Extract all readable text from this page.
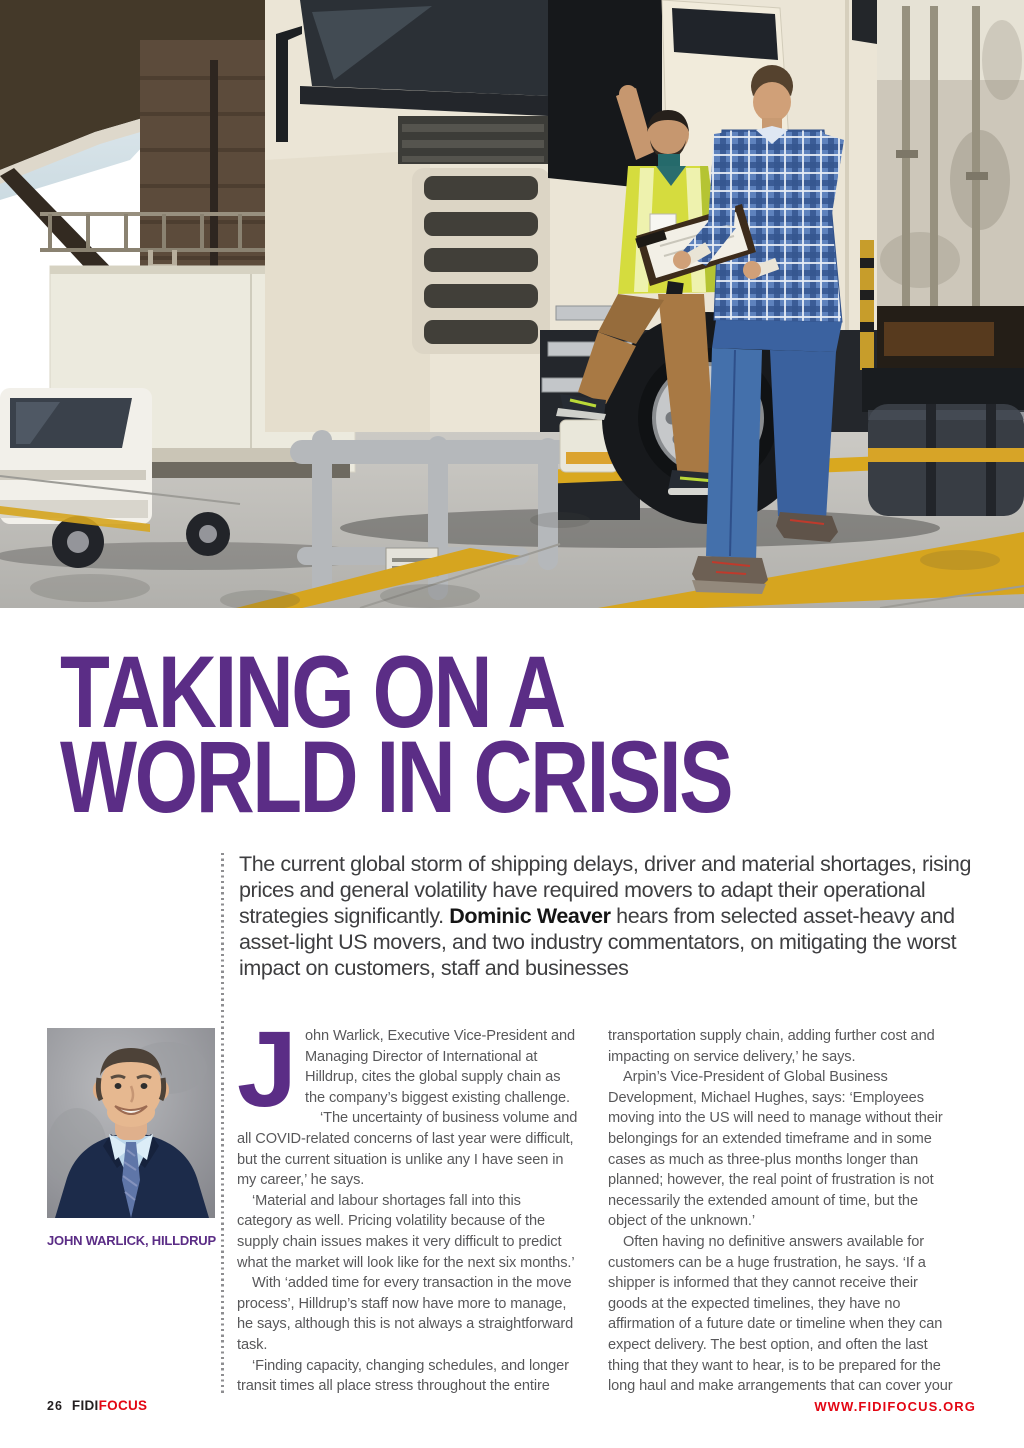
TAKING ON A
WORLD IN CRISIS

The current global storm of shipping delays, driver and material shortages, rising prices and general volatility have required movers to adapt their operational strategies significantly. Dominic Weaver hears from selected asset-heavy and asset-light US movers, and two industry commentators, on mitigating the worst impact on customers, staff and businesses

JOHN WARLICK, HILLDRUP

John Warlick, Executive Vice-President and Managing Director of International at Hilldrup, cites the global supply chain as the company’s biggest existing challenge.

‘The uncertainty of business volume and all COVID-related concerns of last year were difficult, but the current situation is unlike any I have seen in my career,’ he says.

‘Material and labour shortages fall into this category as well. Pricing volatility because of the supply chain issues makes it very difficult to predict what the market will look like for the next six months.’

With ‘added time for every transaction in the move process’, Hilldrup’s staff now have more to manage, he says, although this is not always a straightforward task.

‘Finding capacity, changing schedules, and longer transit times all place stress throughout the entire

transportation supply chain, adding further cost and impacting on service delivery,’ he says.

Arpin’s Vice-President of Global Business Development, Michael Hughes, says: ‘Employees moving into the US will need to manage without their belongings for an extended timeframe and in some cases as much as three-plus months longer than planned; however, the real point of frustration is not necessarily the extended amount of time, but the object of the unknown.’

Often having no definitive answers available for customers can be a huge frustration, he says. ‘If a shipper is informed that they cannot receive their goods at the expected timelines, they have no affirmation of a future date or timeline when they can expect delivery. The best option, and often the last thing that they want to hear, is to be prepared for the long haul and make arrangements that can cover your

26 FIDIFOCUS	WWW.FIDIFOCUS.ORG
